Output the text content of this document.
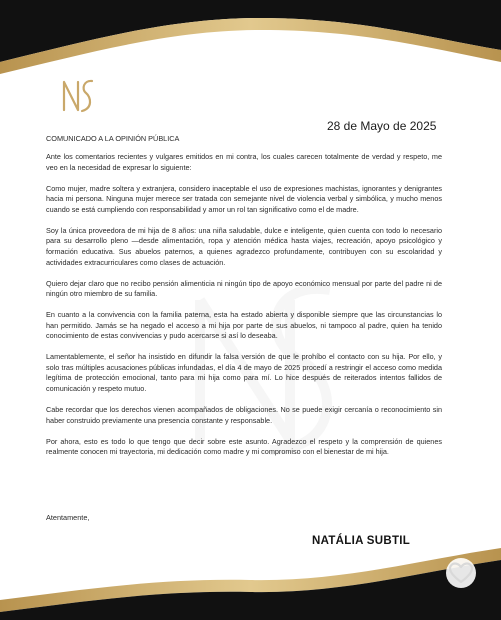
28 de Mayo de 2025
COMUNICADO A LA OPINIÓN PÚBLICA

Ante los comentarios recientes y vulgares emitidos en mi contra, los cuales carecen totalmente de verdad y respeto, me veo en la necesidad de expresar lo siguiente:

Como mujer, madre soltera y extranjera, considero inaceptable el uso de expresiones machistas, ignorantes y denigrantes hacia mi persona. Ninguna mujer merece ser tratada con semejante nivel de violencia verbal y simbólica, y mucho menos cuando se está cumpliendo con responsabilidad y amor un rol tan significativo como el de madre.

Soy la única proveedora de mi hija de 8 años: una niña saludable, dulce e inteligente, quien cuenta con todo lo necesario para su desarrollo pleno —desde alimentación, ropa y atención médica hasta viajes, recreación, apoyo psicológico y formación educativa. Sus abuelos paternos, a quienes agradezco profundamente, contribuyen con su escolaridad y actividades extracurriculares como clases de actuación.

Quiero dejar claro que no recibo pensión alimenticia ni ningún tipo de apoyo económico mensual por parte del padre ni de ningún otro miembro de su familia.

En cuanto a la convivencia con la familia paterna, esta ha estado abierta y disponible siempre que las circunstancias lo han permitido. Jamás se ha negado el acceso a mi hija por parte de sus abuelos, ni tampoco al padre, quien ha tenido conocimiento de estas convivencias y pudo acercarse si así lo deseaba.

Lamentablemente, el señor ha insistido en difundir la falsa versión de que le prohíbo el contacto con su hija. Por ello, y solo tras múltiples acusaciones públicas infundadas, el día 4 de mayo de 2025 procedí a restringir el acceso como medida legítima de protección emocional, tanto para mi hija como para mí. Lo hice después de reiterados intentos fallidos de comunicación y respeto mutuo.

Cabe recordar que los derechos vienen acompañados de obligaciones. No se puede exigir cercanía o reconocimiento sin haber construido previamente una presencia constante y responsable.

Por ahora, esto es todo lo que tengo que decir sobre este asunto. Agradezco el respeto y la comprensión de quienes realmente conocen mi trayectoria, mi dedicación como madre y mi compromiso con el bienestar de mi hija.

Atentamente,
NATÁLIA SUBTIL
